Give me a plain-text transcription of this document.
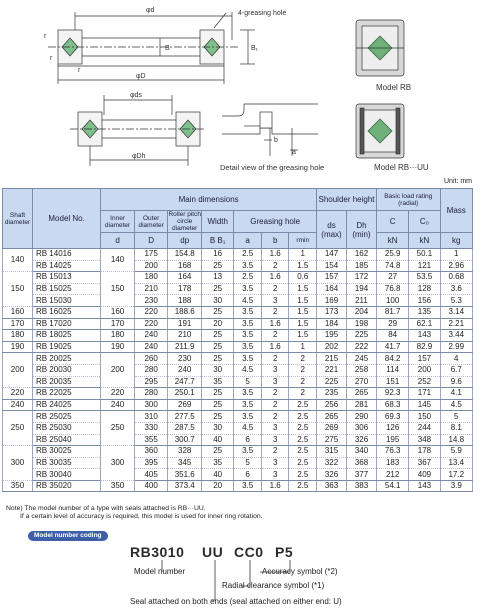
φd	4-greasing hole
r
r
r
B	B₁
φD
φds
φDh
b
a
Detail view of the greasing hole
Model RB
Model RB···UU
Unit: mm
Shaft diameter	Model No.	Main dimensions							Shoulder height		Basic load rating (radial)		Mass
		Inner diameter	Outer diameter	Roller pitch circle diameter	Width	Greasing hole			ds (max)	Dh (min)	C	C₀	
		d	D	dp	B B₁	a	b	rmin			kN	kN	kg
140	RB 14016	140	175	154.8	16	2.5	1.6	1	147	162	25.9	50.1	1
	RB 14025		200	168	25	3.5	2	1.5	154	185	74.8	121	2.96
150	RB 15013	150	180	164	13	2.5	1.6	0.6	157	172	27	53.5	0.68
	RB 15025		210	178	25	3.5	2	1.5	164	194	76.8	128	3.6
	RB 15030		230	188	30	4.5	3	1.5	169	211	100	156	5.3
160	RB 16025	160	220	188.6	25	3.5	2	1.5	173	204	81.7	135	3.14
170	RB 17020	170	220	191	20	3.5	1.6	1.5	184	198	29	62.1	2.21
180	RB 18025	180	240	210	25	3.5	2	1.5	195	225	84	143	3.44
190	RB 19025	190	240	211.9	25	3.5	1.6	1	202	222	41.7	82.9	2.99
200	RB 20025	200	260	230	25	3.5	2	2	215	245	84.2	157	4
	RB 20030		280	240	30	4.5	3	2	221	258	114	200	6.7
	RB 20035		295	247.7	35	5	3	2	225	270	151	252	9.6
220	RB 22025	220	280	250.1	25	3.5	2	2	235	265	92.3	171	4.1
240	RB 24025	240	300	269	25	3.5	2	2.5	256	281	68.3	145	4.5
250	RB 25025	250	310	277.5	25	3.5	2	2.5	265	290	69.3	150	5
	RB 25030		330	287.5	30	4.5	3	2.5	269	306	126	244	8.1
	RB 25040		355	300.7	40	6	3	2.5	275	326	195	348	14.8
300	RB 30025	300	360	328	25	3.5	2	2.5	315	340	76.3	178	5.9
	RB 30035		395	345	35	5	3	2.5	322	368	183	367	13.4
	RB 30040		405	351.6	40	6	3	2.5	326	377	212	409	17.2
350	RB 35020	350	400	373.4	20	3.5	1.6	2.5	363	383	54.1	143	3.9
Note) The model number of a type with seals attached is RB···UU.
If a certain level of accuracy is required, this model is used for inner ring rotation.
Model number coding
RB3010 UU CC0 P5
Model number	Accuracy symbol (*2)
Radial clearance symbol (*1)
Seal attached on both ends (seal attached on either end: U)
